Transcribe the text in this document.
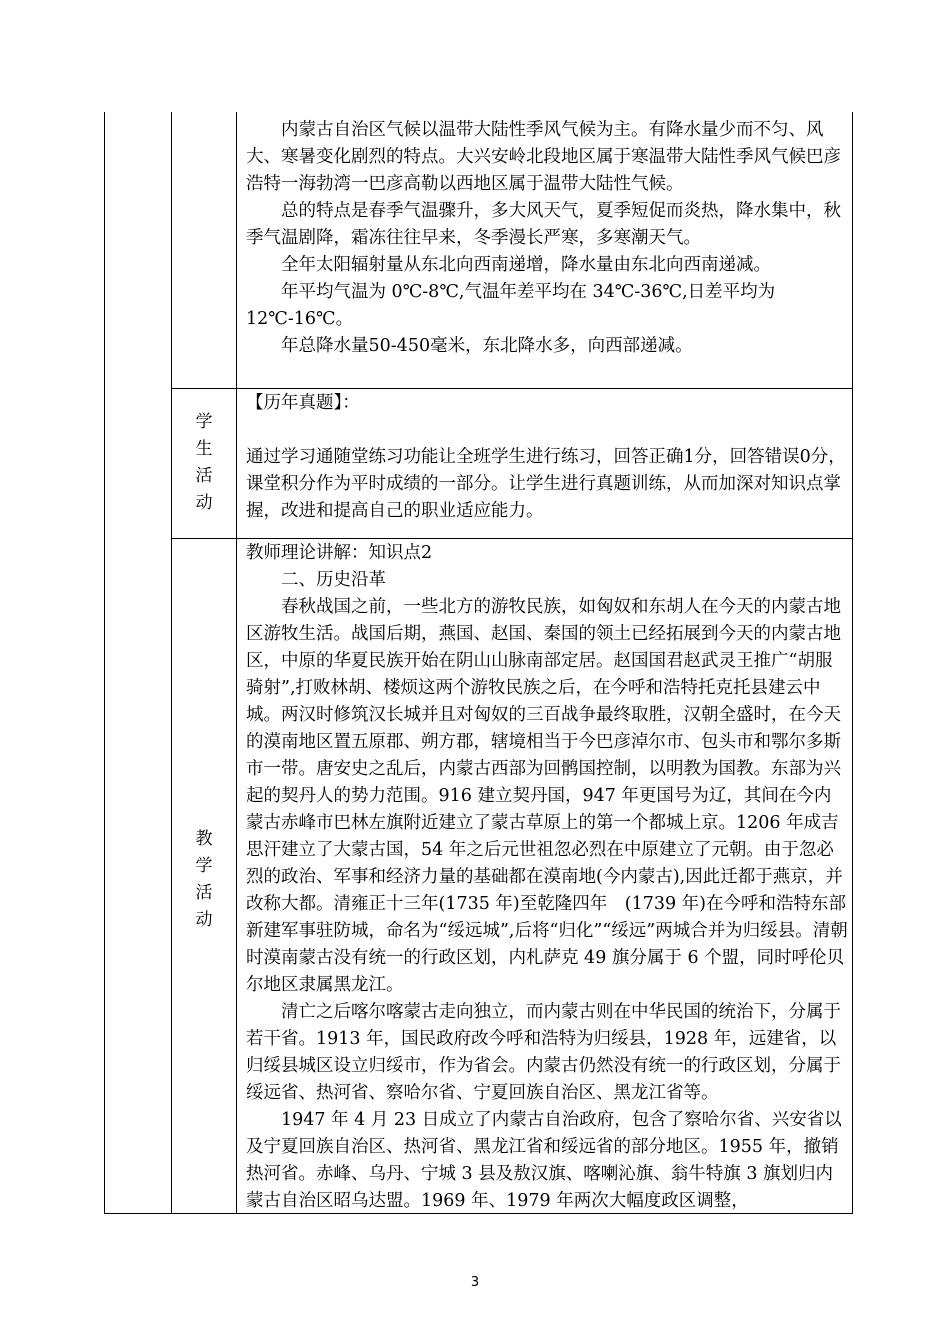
内蒙古自治区气候以温带大陆性季风气候为主。有降水量少而不匀、风大、寒暑变化剧烈的特点。大兴安岭北段地区属于寒温带大陆性季风气候巴彦浩特一海勃湾一巴彦高勒以西地区属于温带大陆性气候。

总的特点是春季气温骤升，多大风天气，夏季短促而炎热，降水集中，秋季气温剧降，霜冻往往早来，冬季漫长严寒，多寒潮天气。

全年太阳辐射量从东北向西南递增，降水量由东北向西南递减。

年平均气温为 0℃-8℃,气温年差平均在 34℃-36℃,日差平均为12℃-16℃。

年总降水量50-450毫米，东北降水多，向西部递减。

学
生
活
动

【历年真题】：

通过学习通随堂练习功能让全班学生进行练习，回答正确1分，回答错误0分，课堂积分作为平时成绩的一部分。让学生进行真题训练，从而加深对知识点掌握，改进和提高自己的职业适应能力。

教
学
活
动

教师理论讲解：知识点2

二、历史沿革

春秋战国之前，一些北方的游牧民族，如匈奴和东胡人在今天的内蒙古地区游牧生活。战国后期，燕国、赵国、秦国的领土已经拓展到今天的内蒙古地区，中原的华夏民族开始在阴山山脉南部定居。赵国国君赵武灵王推广“胡服骑射”,打败林胡、楼烦这两个游牧民族之后，在今呼和浩特托克托县建云中城。两汉时修筑汉长城并且对匈奴的三百战争最终取胜，汉朝全盛时，在今天的漠南地区置五原郡、朔方郡，辖境相当于今巴彦淖尔市、包头市和鄂尔多斯市一带。唐安史之乱后，内蒙古西部为回鹘国控制，以明教为国教。东部为兴起的契丹人的势力范围。916 建立契丹国，947 年更国号为辽，其间在今内蒙古赤峰市巴林左旗附近建立了蒙古草原上的第一个都城上京。1206 年成吉思汗建立了大蒙古国，54 年之后元世祖忽必烈在中原建立了元朝。由于忽必烈的政治、军事和经济力量的基础都在漠南地(今内蒙古),因此迁都于燕京，并改称大都。清雍正十三年(1735 年)至乾隆四年　(1739 年)在今呼和浩特东部新建军事驻防城，命名为“绥远城”,后将“归化”“绥远”两城合并为归绥县。清朝时漠南蒙古没有统一的行政区划，内札萨克 49 旗分属于 6 个盟，同时呼伦贝尔地区隶属黑龙江。

清亡之后喀尔喀蒙古走向独立，而内蒙古则在中华民国的统治下，分属于若干省。1913 年，国民政府改今呼和浩特为归绥县，1928 年，远建省，以归绥县城区设立归绥市，作为省会。内蒙古仍然没有统一的行政区划，分属于绥远省、热河省、察哈尔省、宁夏回族自治区、黑龙江省等。

1947 年 4 月 23 日成立了内蒙古自治政府，包含了察哈尔省、兴安省以及宁夏回族自治区、热河省、黑龙江省和绥远省的部分地区。1955 年，撤销热河省。赤峰、乌丹、宁城 3 县及敖汉旗、喀喇沁旗、翁牛特旗 3 旗划归内蒙古自治区昭乌达盟。1969 年、1979 年两次大幅度政区调整，

3
